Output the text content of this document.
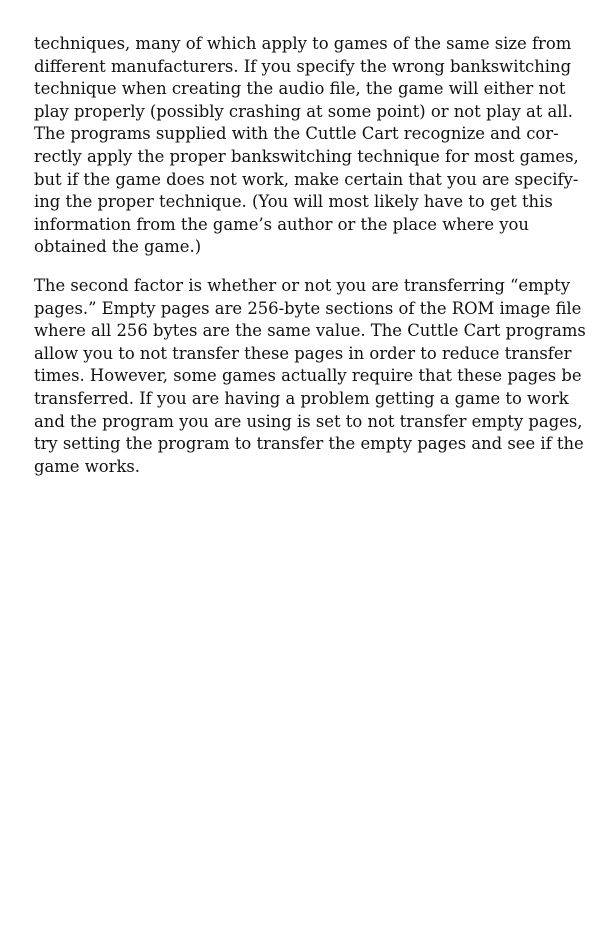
techniques, many of which apply to games of the same size from
different manufacturers. If you specify the wrong bankswitching
technique when creating the audio file, the game will either not
play properly (possibly crashing at some point) or not play at all.
The programs supplied with the Cuttle Cart recognize and cor-
rectly apply the proper bankswitching technique for most games,
but if the game does not work, make certain that you are specify-
ing the proper technique. (You will most likely have to get this
information from the game’s author or the place where you
obtained the game.)
The second factor is whether or not you are transferring “empty
pages.” Empty pages are 256-byte sections of the ROM image file
where all 256 bytes are the same value. The Cuttle Cart programs
allow you to not transfer these pages in order to reduce transfer
times. However, some games actually require that these pages be
transferred. If you are having a problem getting a game to work
and the program you are using is set to not transfer empty pages,
try setting the program to transfer the empty pages and see if the
game works.
